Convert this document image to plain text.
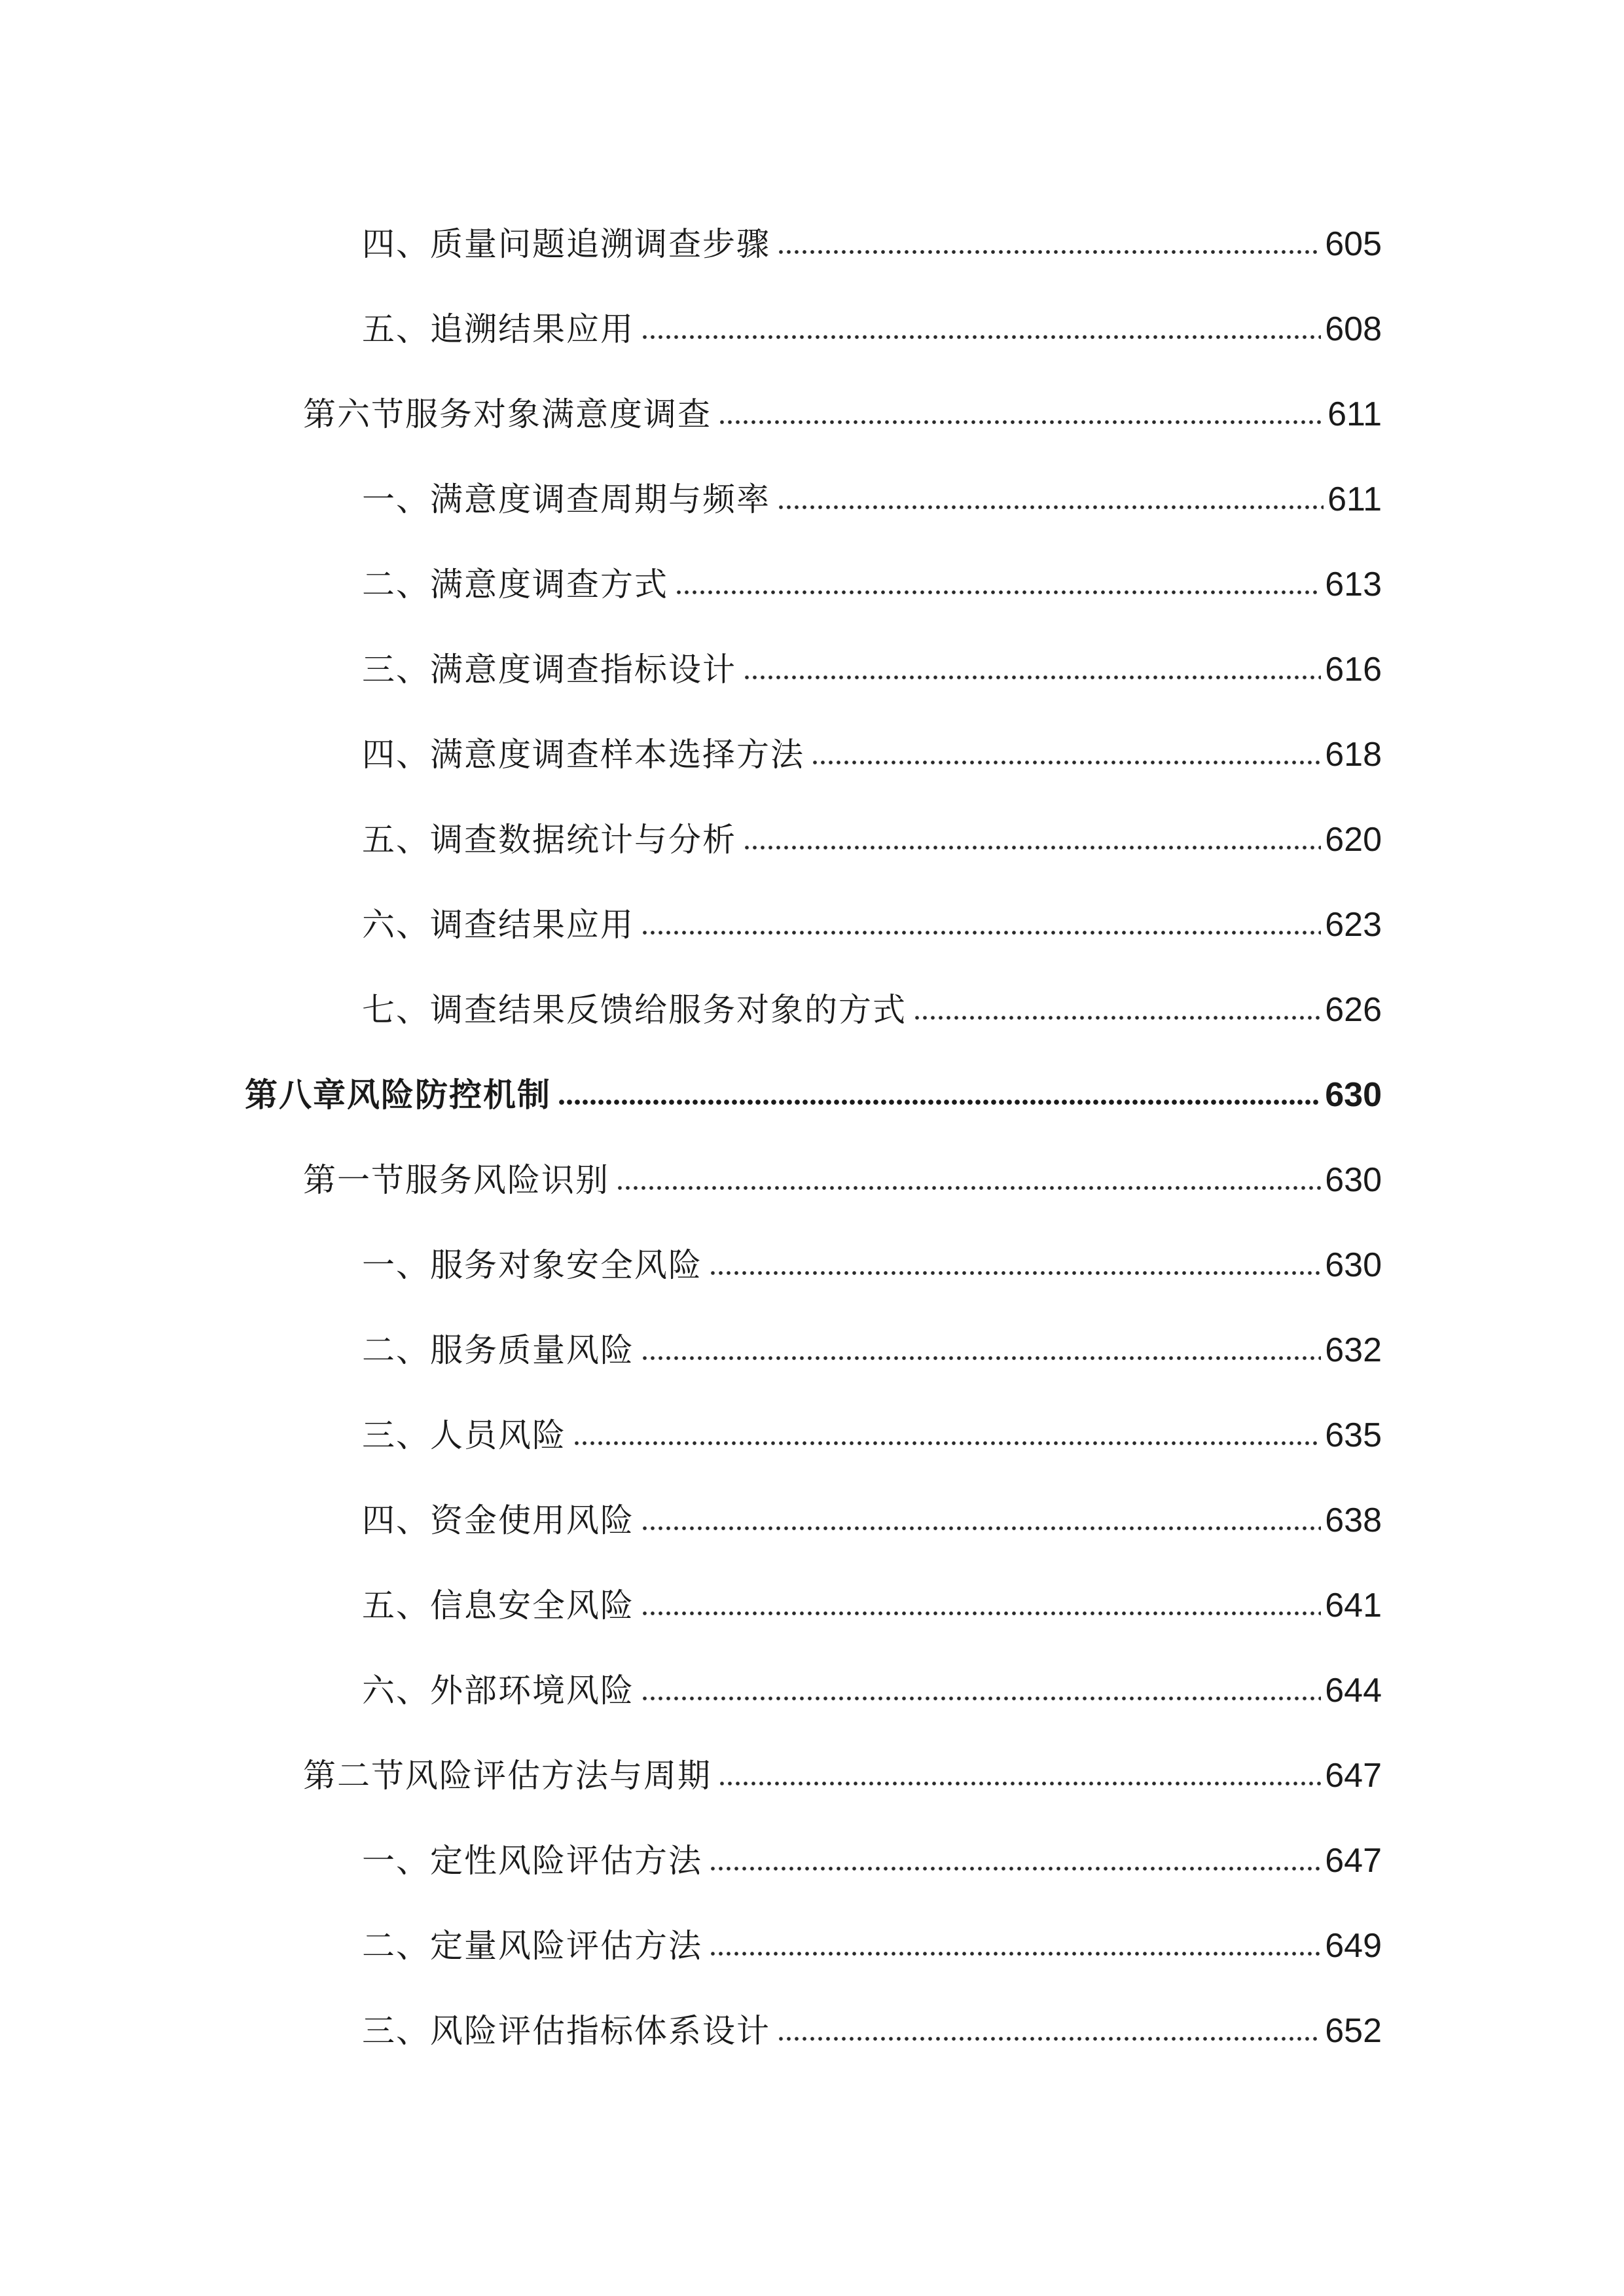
四、质量问题追溯调查步骤	605
五、追溯结果应用	608
第六节服务对象满意度调查	611
一、满意度调查周期与频率	611
二、满意度调查方式	613
三、满意度调查指标设计	616
四、满意度调查样本选择方法	618
五、调查数据统计与分析	620
六、调查结果应用	623
七、调查结果反馈给服务对象的方式	626
第八章风险防控机制	630
第一节服务风险识别	630
一、服务对象安全风险	630
二、服务质量风险	632
三、人员风险	635
四、资金使用风险	638
五、信息安全风险	641
六、外部环境风险	644
第二节风险评估方法与周期	647
一、定性风险评估方法	647
二、定量风险评估方法	649
三、风险评估指标体系设计	652
